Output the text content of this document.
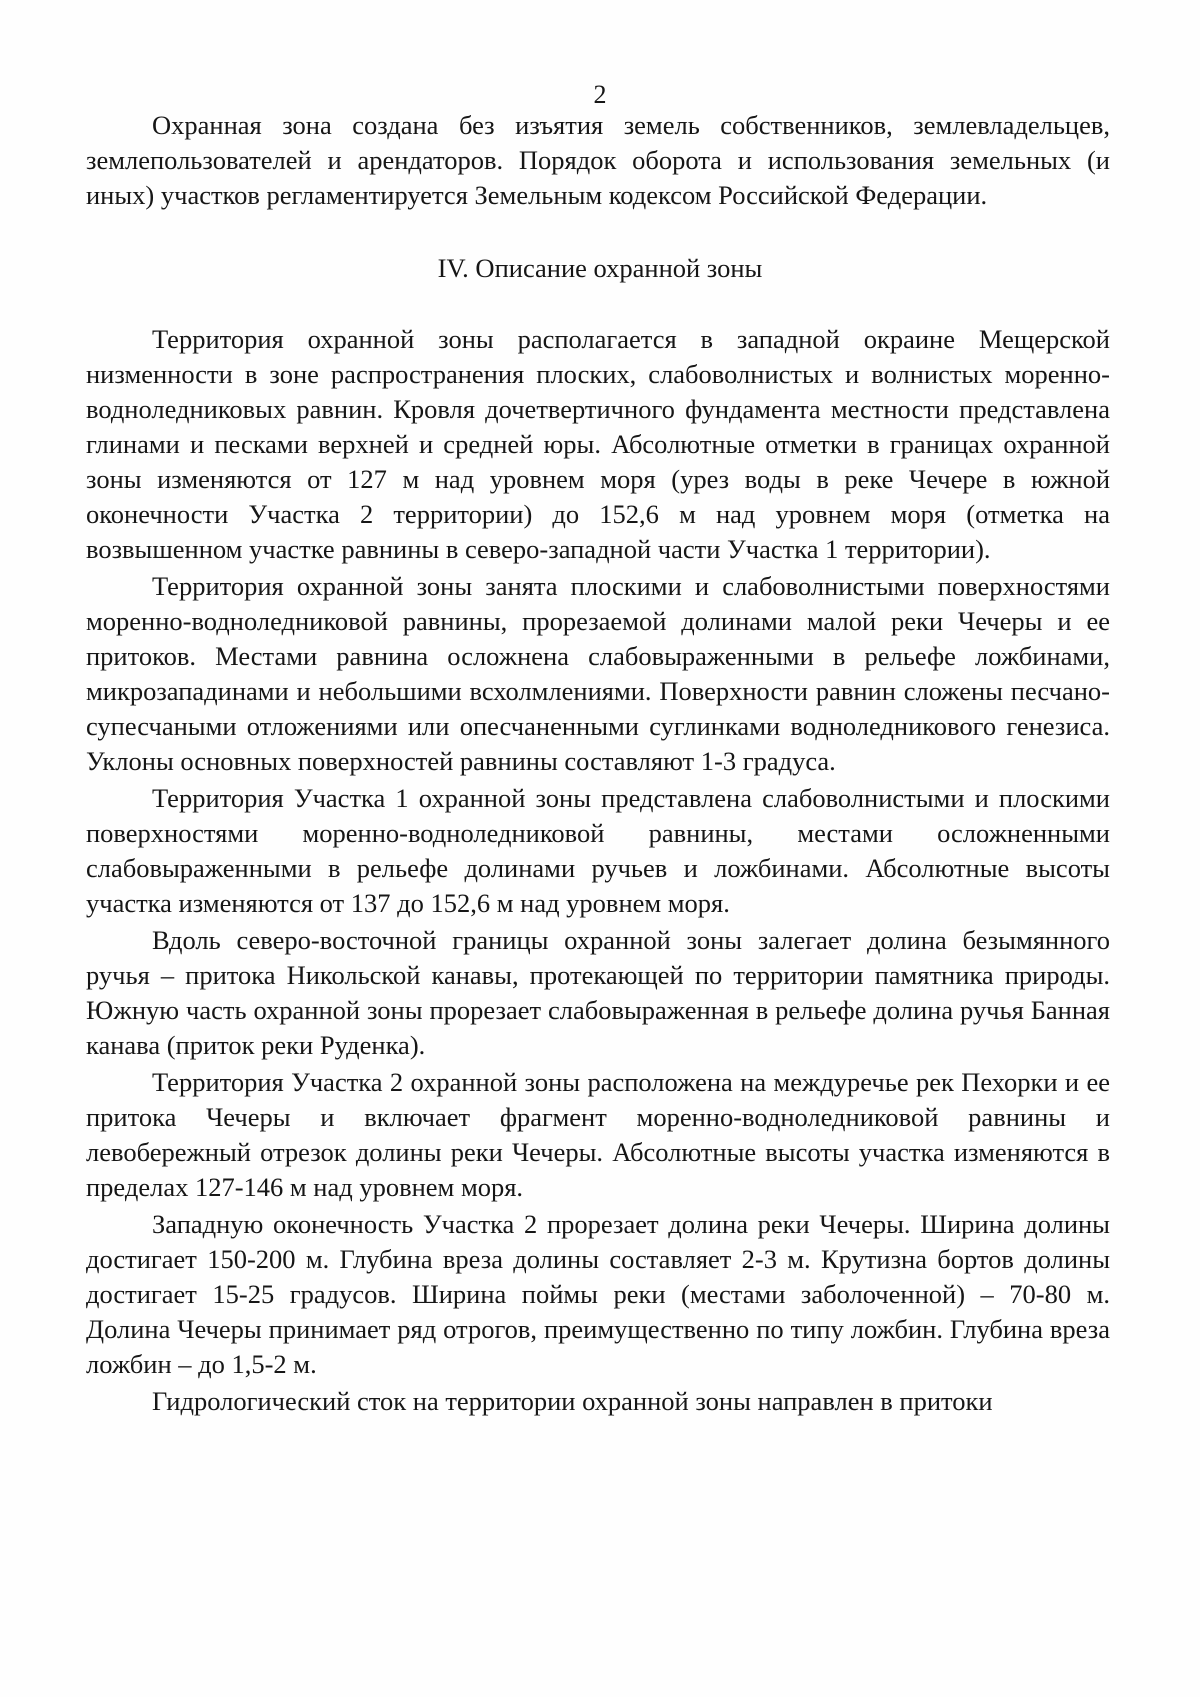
2

Охранная зона создана без изъятия земель собственников, землевладельцев, землепользователей и арендаторов. Порядок оборота и использования земельных (и иных) участков регламентируется Земельным кодексом Российской Федерации.

IV. Описание охранной зоны

Территория охранной зоны располагается в западной окраине Мещерской низменности в зоне распространения плоских, слабоволнистых и волнистых моренно-водноледниковых равнин. Кровля дочетвертичного фундамента местности представлена глинами и песками верхней и средней юры. Абсолютные отметки в границах охранной зоны изменяются от 127 м над уровнем моря (урез воды в реке Чечере в южной оконечности Участка 2 территории) до 152,6 м над уровнем моря (отметка на возвышенном участке равнины в северо-западной части Участка 1 территории).

Территория охранной зоны занята плоскими и слабоволнистыми поверхностями моренно-водноледниковой равнины, прорезаемой долинами малой реки Чечеры и ее притоков. Местами равнина осложнена слабовыраженными в рельефе ложбинами, микрозападинами и небольшими всхолмлениями. Поверхности равнин сложены песчано-супесчаными отложениями или опесчаненными суглинками водноледникового генезиса. Уклоны основных поверхностей равнины составляют 1-3 градуса.

Территория Участка 1 охранной зоны представлена слабоволнистыми и плоскими поверхностями моренно-водноледниковой равнины, местами осложненными слабовыраженными в рельефе долинами ручьев и ложбинами. Абсолютные высоты участка изменяются от 137 до 152,6 м над уровнем моря.

Вдоль северо-восточной границы охранной зоны залегает долина безымянного ручья – притока Никольской канавы, протекающей по территории памятника природы. Южную часть охранной зоны прорезает слабовыраженная в рельефе долина ручья Банная канава (приток реки Руденка).

Территория Участка 2 охранной зоны расположена на междуречье рек Пехорки и ее притока Чечеры и включает фрагмент моренно-водноледниковой равнины и левобережный отрезок долины реки Чечеры. Абсолютные высоты участка изменяются в пределах 127-146 м над уровнем моря.

Западную оконечность Участка 2 прорезает долина реки Чечеры. Ширина долины достигает 150-200 м. Глубина вреза долины составляет 2-3 м. Крутизна бортов долины достигает 15-25 градусов. Ширина поймы реки (местами заболоченной) – 70-80 м. Долина Чечеры принимает ряд отрогов, преимущественно по типу ложбин. Глубина вреза ложбин – до 1,5-2 м.

Гидрологический сток на территории охранной зоны направлен в притоки
